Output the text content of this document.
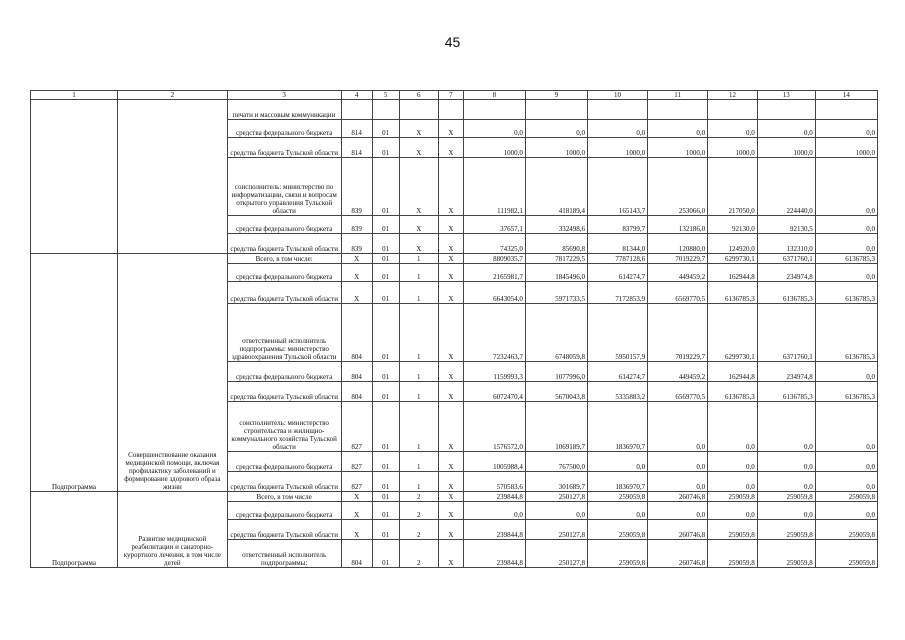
45
1	2	3	4	5	6	7	8	9	10	11	12	13	14
		печати и массовым коммуникации											
		средства федерального бюджета	814	01	X	X	0,0	0,0	0,0	0,0	0,0	0,0	0,0
		средства бюджета Тульской области	814	01	X	X	1000,0	1000,0	1000,0	1000,0	1000,0	1000,0	1000,0
		соисполнитель: министерство по информатизации, связи и вопросам открытого управления Тульской области	839	01	X	X	111982,1	418189,4	165143,7	253066,0	217050,0	224440,0	0,0
		средства федерального бюджета	839	01	X	X	37657,1	332498,6	83799,7	132186,0	92130,0	92130,5	0,0
		средства бюджета Тульской области	839	01	X	X	74325,0	85690,8	81344,0	120880,0	124920,0	132310,0	0,0
Подпрограмма	Совершенствование оказания медицинской помощи, включая профилактику заболеваний и формирование здорового образа жизни	Всего, в том числе:	X	01	1	X	8809035,7	7817229,5	7787128,6	7019229,7	6299730,1	6371760,1	6136785,3
		средства федерального бюджета	X	01	1	X	2165981,7	1845496,0	614274,7	449459,2	162944,8	234974,8	0,0
		средства бюджета Тульской области	X	01	1	X	6643054,0	5971733,5	7172853,9	6569770,5	6136785,3	6136785,3	6136785,3
		ответственный исполнитель подпрограммы: министерство здравоохранения Тульской области	804	01	1	X	7232463,7	6748059,8	5950157,9	7019229,7	6299730,1	6371760,1	6136785,3
		средства федерального бюджета	804	01	1	X	1159993,3	1077996,0	614274,7	449459,2	162944,8	234974,8	0,0
		средства бюджета Тульской области	804	01	1	X	6072470,4	5670043,8	5335883,2	6569770,5	6136785,3	6136785,3	6136785,3
		соисполнитель: министерство строительства и жилищно-коммунального хозяйства Тульской области	827	01	1	X	1576572,0	1069189,7	1836970,7	0,0	0,0	0,0	0,0
		средства федерального бюджета	827	01	1	X	1005988,4	767500,0	0,0	0,0	0,0	0,0	0,0
		средства бюджета Тульской области	827	01	1	X	570583,6	301689,7	1836970,7	0,0	0,0	0,0	0,0
Подпрограмма	Развитие медицинской реабилитации и санаторно-курортного лечения, в том числе детей	Всего, в том числе	X	01	2	X	239844,8	250127,8	259059,8	260746,8	259059,8	259059,8	259059,8
		средства федерального бюджета	X	01	2	X	0,0	0,0	0,0	0,0	0,0	0,0	0,0
		средства бюджета Тульской области	X	01	2	X	239844,8	250127,8	259059,8	260746,8	259059,8	259059,8	259059,8
		ответственный исполнитель подпрограммы:	804	01	2	X	239844,8	250127,8	259059,8	260746,8	259059,8	259059,8	259059,8
